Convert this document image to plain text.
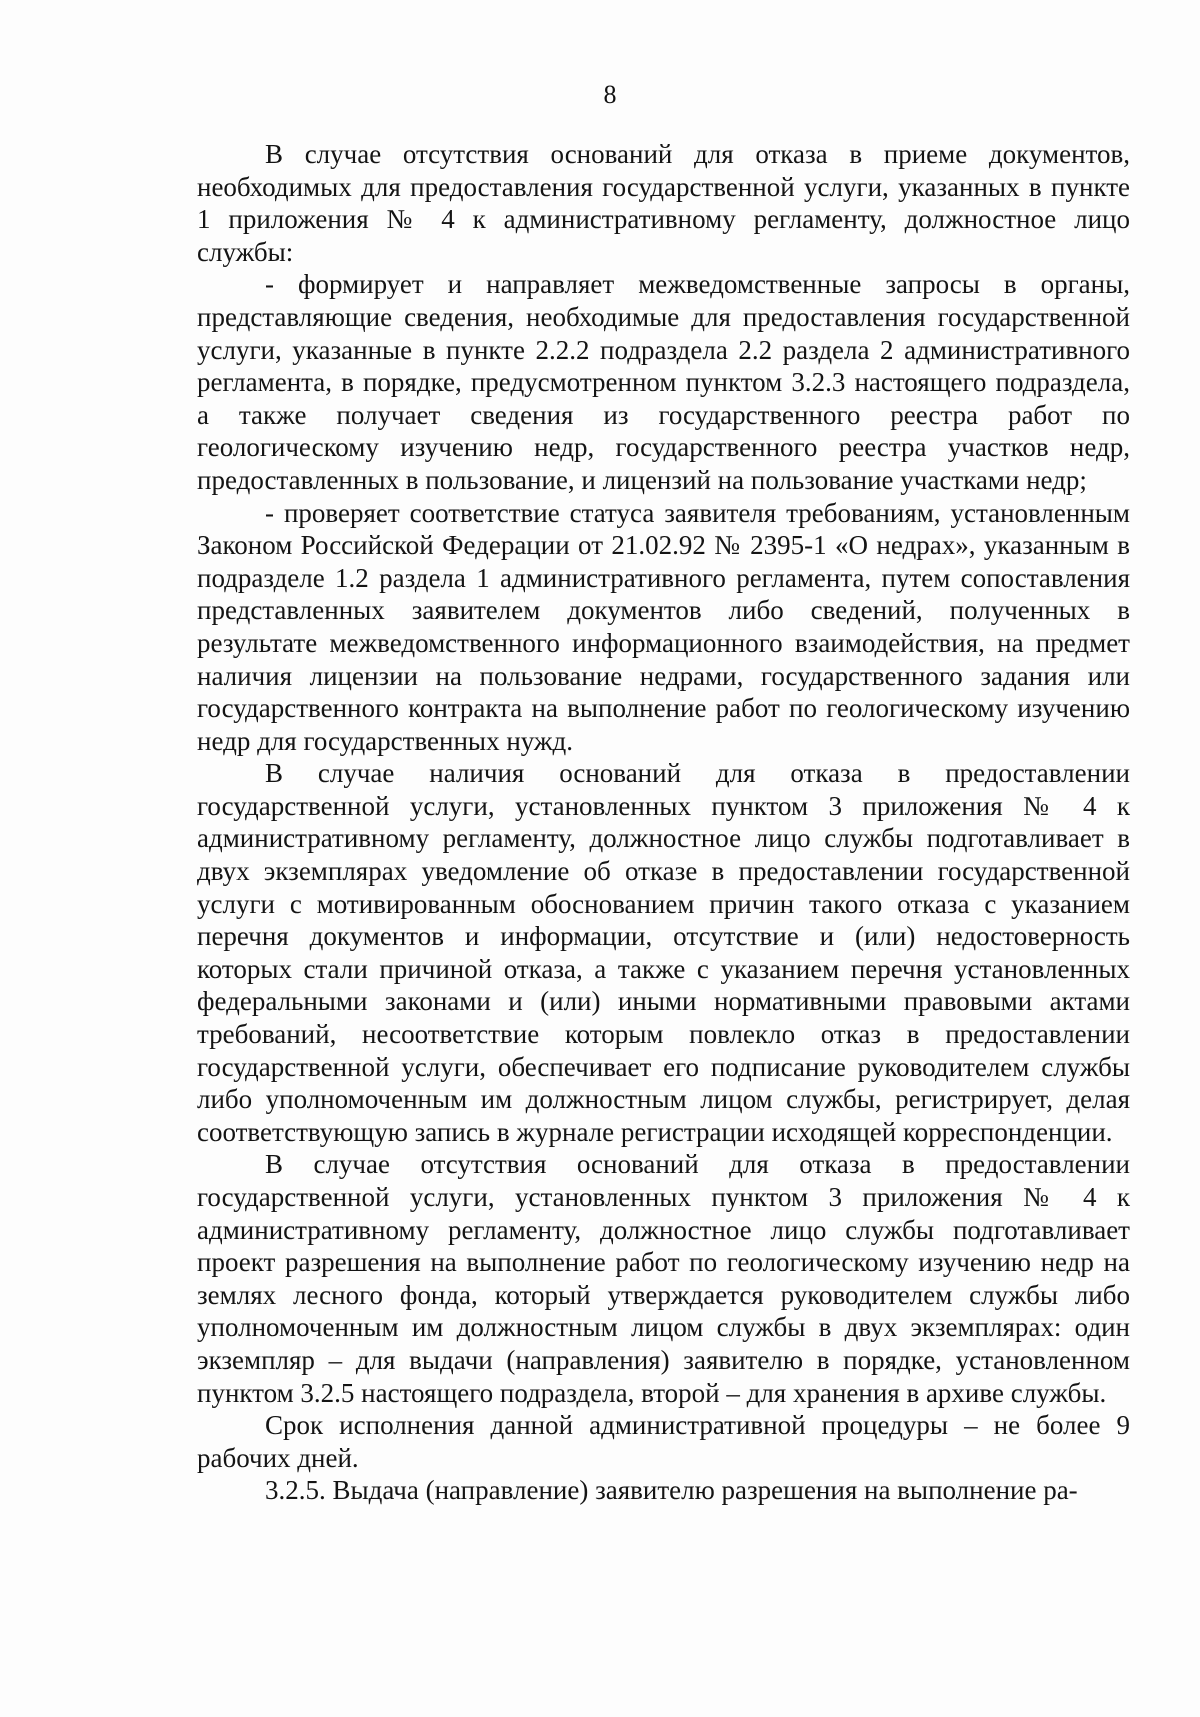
8

В случае отсутствия оснований для отказа в приеме документов, необходимых для предоставления государственной услуги, указанных в пункте 1 приложения № 4 к административному регламенту, должностное лицо службы:

- формирует и направляет межведомственные запросы в органы, представляющие сведения, необходимые для предоставления государственной услуги, указанные в пункте 2.2.2 подраздела 2.2 раздела 2 административного регламента, в порядке, предусмотренном пунктом 3.2.3 настоящего подраздела, а также получает сведения из государственного реестра работ по геологическому изучению недр, государственного реестра участков недр, предоставленных в пользование, и лицензий на пользование участками недр;

- проверяет соответствие статуса заявителя требованиям, установленным Законом Российской Федерации от 21.02.92 № 2395-1 «О недрах», указанным в подразделе 1.2 раздела 1 административного регламента, путем сопоставления представленных заявителем документов либо сведений, полученных в результате межведомственного информационного взаимодействия, на предмет наличия лицензии на пользование недрами, государственного задания или государственного контракта на выполнение работ по геологическому изучению недр для государственных нужд.

В случае наличия оснований для отказа в предоставлении государственной услуги, установленных пунктом 3 приложения № 4 к административному регламенту, должностное лицо службы подготавливает в двух экземплярах уведомление об отказе в предоставлении государственной услуги с мотивированным обоснованием причин такого отказа с указанием перечня документов и информации, отсутствие и (или) недостоверность которых стали причиной отказа, а также с указанием перечня установленных федеральными законами и (или) иными нормативными правовыми актами требований, несоответствие которым повлекло отказ в предоставлении государственной услуги, обеспечивает его подписание руководителем службы либо уполномоченным им должностным лицом службы, регистрирует, делая соответствующую запись в журнале регистрации исходящей корреспонденции.

В случае отсутствия оснований для отказа в предоставлении государственной услуги, установленных пунктом 3 приложения № 4 к административному регламенту, должностное лицо службы подготавливает проект разрешения на выполнение работ по геологическому изучению недр на землях лесного фонда, который утверждается руководителем службы либо уполномоченным им должностным лицом службы в двух экземплярах: один экземпляр – для выдачи (направления) заявителю в порядке, установленном пунктом 3.2.5 настоящего подраздела, второй – для хранения в архиве службы.

Срок исполнения данной административной процедуры – не более 9 рабочих дней.

3.2.5. Выдача (направление) заявителю разрешения на выполнение ра-
